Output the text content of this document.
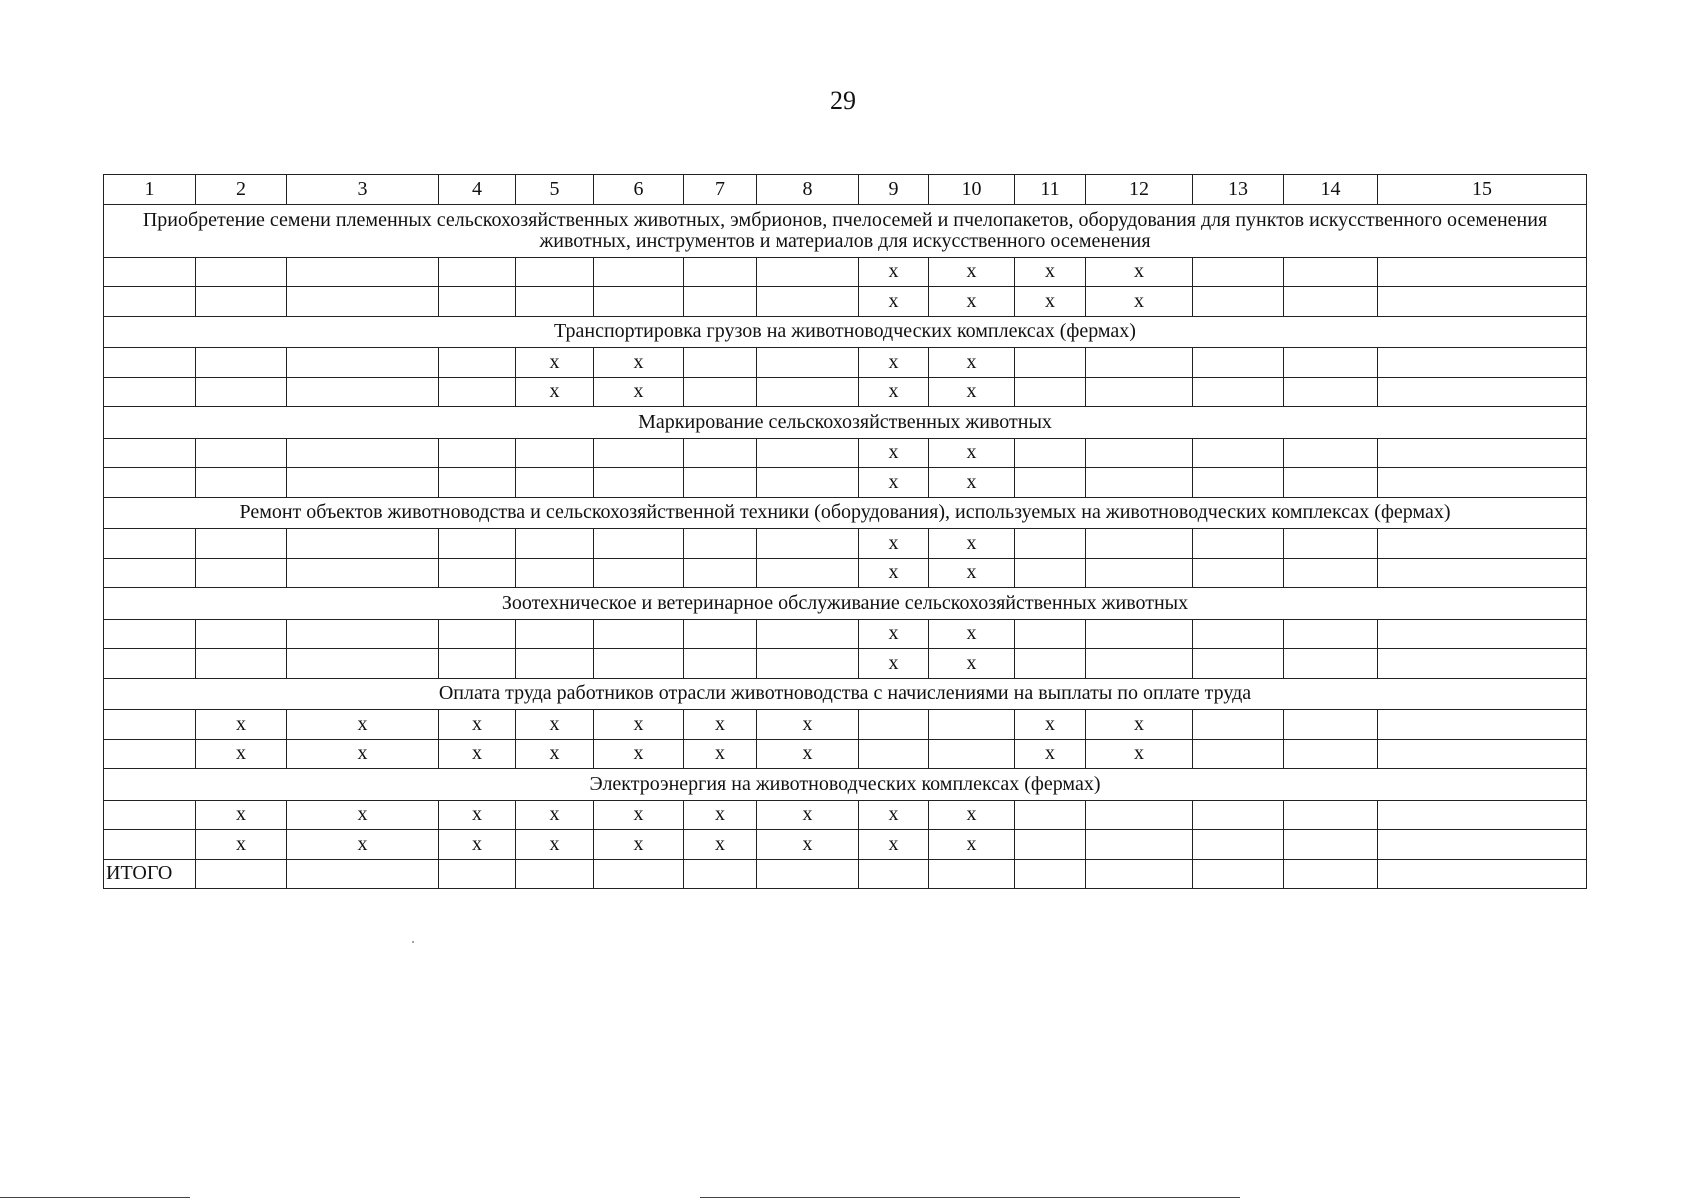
29
1	2	3	4	5	6	7	8	9	10	11	12	13	14	15
Приобретение семени племенных сельскохозяйственных животных, эмбрионов, пчелосемей и пчелопакетов, оборудования для пунктов искусственного осеменения животных, инструментов и материалов для искусственного осеменения														
								x	x	x	x			
								x	x	x	x			
Транспортировка грузов на животноводческих комплексах (фермах)														
				x	x			x	x					
				x	x			x	x					
Маркирование сельскохозяйственных животных														
								x	x					
								x	x					
Ремонт объектов животноводства и сельскохозяйственной техники (оборудования), используемых на животноводческих комплексах (фермах)														
								x	x					
								x	x					
Зоотехническое и ветеринарное обслуживание сельскохозяйственных животных														
								x	x					
								x	x					
Оплата труда работников отрасли животноводства с начислениями на выплаты по оплате труда														
	x	x	x	x	x	x	x			x	x			
	x	x	x	x	x	x	x			x	x			
Электроэнергия на животноводческих комплексах (фермах)														
	x	x	x	x	x	x	x	x	x					
	x	x	x	x	x	x	x	x	x					
ИТОГО														
